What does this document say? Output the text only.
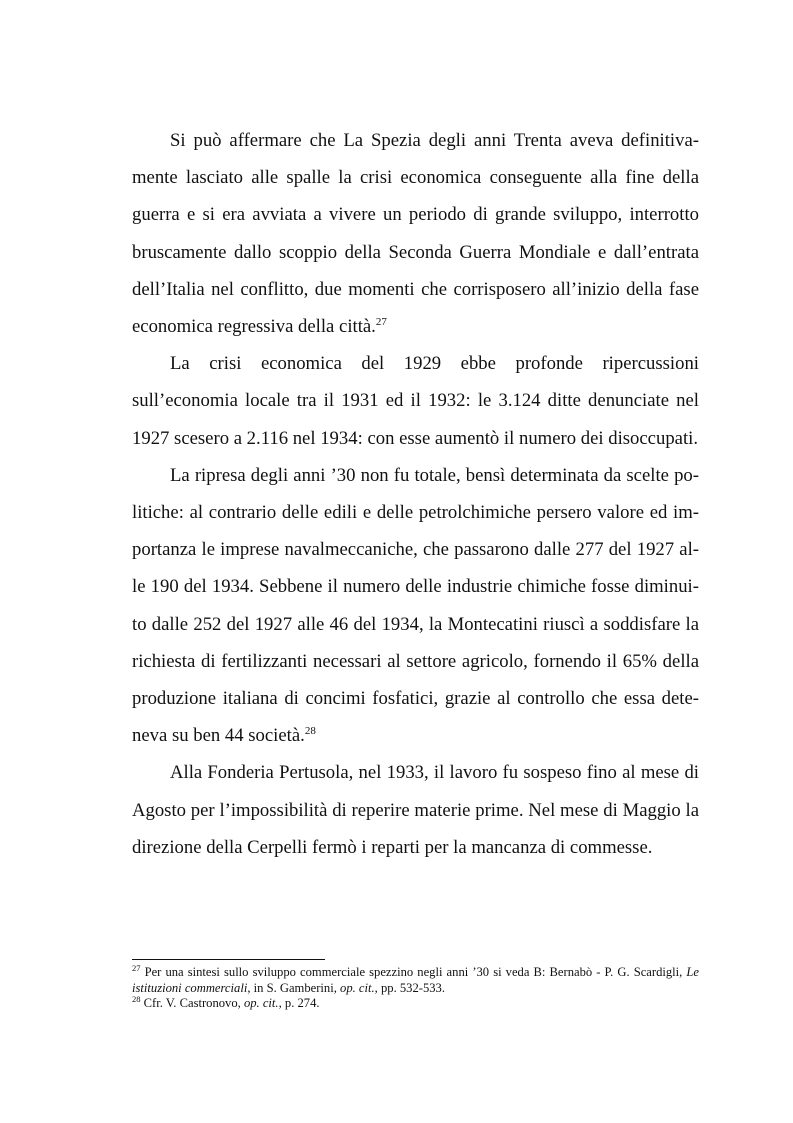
Si può affermare che La Spezia degli anni Trenta aveva definitivamente lasciato alle spalle la crisi economica conseguente alla fine della guerra e si era avviata a vivere un periodo di grande sviluppo, interrotto bruscamente dallo scoppio della Seconda Guerra Mondiale e dall’entrata dell’Italia nel conflitto, due momenti che corrisposero all’inizio della fase economica regressiva della città.$^{27}$

La crisi economica del 1929 ebbe profonde ripercussioni sull’economia locale tra il 1931 ed il 1932: le 3.124 ditte denunciate nel 1927 scesero a 2.116 nel 1934: con esse aumentò il numero dei disoccupati.

La ripresa degli anni ’30 non fu totale, bensì determinata da scelte politiche: al contrario delle edili e delle petrolchimiche persero valore ed importanza le imprese navalmeccaniche, che passarono dalle 277 del 1927 alle 190 del 1934. Sebbene il numero delle industrie chimiche fosse diminuito dalle 252 del 1927 alle 46 del 1934, la Montecatini riuscì a soddisfare la richiesta di fertilizzanti necessari al settore agricolo, fornendo il 65% della produzione italiana di concimi fosfatici, grazie al controllo che essa deteneva su ben 44 società.$^{28}$

Alla Fonderia Pertusola, nel 1933, il lavoro fu sospeso fino al mese di Agosto per l’impossibilità di reperire materie prime. Nel mese di Maggio la direzione della Cerpelli fermò i reparti per la mancanza di commesse.

$^{27}$ Per una sintesi sullo sviluppo commerciale spezzino negli anni ’30 si veda B: Bernabò - P. G. Scardigli, Le istituzioni commerciali, in S. Gamberini, op. cit., pp. 532-533.

$^{28}$ Cfr. V. Castronovo, op. cit., p. 274.
